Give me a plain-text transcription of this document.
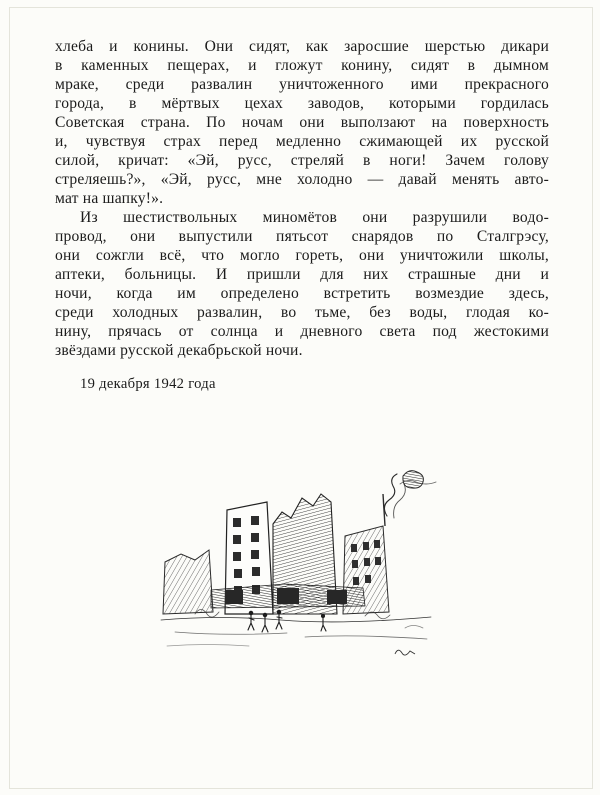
хлеба и конины. Они сидят, как заросшие шерстью дикари
в каменных пещерах, и гложут конину, сидят в дымном
мраке, среди развалин уничтоженного ими прекрасного
города, в мёртвых цехах заводов, которыми гордилась
Советская страна. По ночам они выползают на поверхность
и, чувствуя страх перед медленно сжимающей их русской
силой, кричат: «Эй, русс, стреляй в ноги! Зачем голову
стреляешь?», «Эй, русс, мне холодно — давай менять авто-
мат на шапку!».
Из шестиствольных миномётов они разрушили водо-
провод, они выпустили пятьсот снарядов по Сталгрэсу,
они сожгли всё, что могло гореть, они уничтожили школы,
аптеки, больницы. И пришли для них страшные дни и
ночи, когда им определено встретить возмездие здесь,
среди холодных развалин, во тьме, без воды, глодая ко-
нину, прячась от солнца и дневного света под жестокими
звёздами русской декабрьской ночи.
19 декабря 1942 года
